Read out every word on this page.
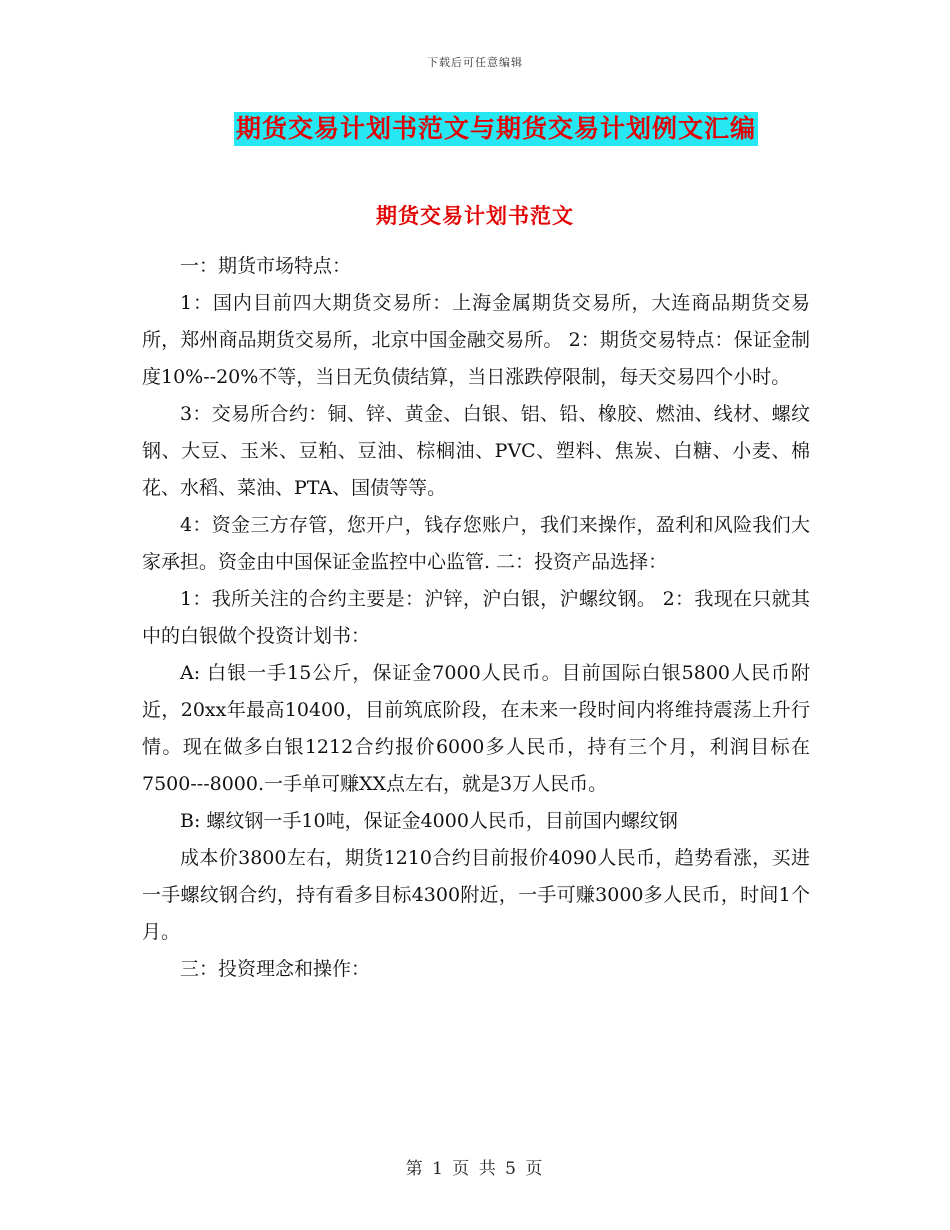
下载后可任意编辑
期货交易计划书范文与期货交易计划例文汇编
期货交易计划书范文

一：期货市场特点：

1：国内目前四大期货交易所：上海金属期货交易所，大连商品期货交易所，郑州商品期货交易所，北京中国金融交易所。 2：期货交易特点：保证金制度10%--20%不等，当日无负债结算，当日涨跌停限制，每天交易四个小时。

3：交易所合约：铜、锌、黄金、白银、铝、铅、橡胶、燃油、线材、螺纹钢、大豆、玉米、豆粕、豆油、棕榈油、PVC、塑料、焦炭、白糖、小麦、棉花、水稻、菜油、PTA、国债等等。

4：资金三方存管，您开户，钱存您账户，我们来操作，盈利和风险我们大家承担。资金由中国保证金监控中心监管. 二：投资产品选择：

1：我所关注的合约主要是：沪锌，沪白银，沪螺纹钢。 2：我现在只就其中的白银做个投资计划书：

A: 白银一手15公斤，保证金7000人民币。目前国际白银5800人民币附近，20xx年最高10400，目前筑底阶段，在未来一段时间内将维持震荡上升行情。现在做多白银1212合约报价6000多人民币，持有三个月，利润目标在7500---8000.一手单可赚XX点左右，就是3万人民币。

B: 螺纹钢一手10吨，保证金4000人民币，目前国内螺纹钢

成本价3800左右，期货1210合约目前报价4090人民币，趋势看涨，买进一手螺纹钢合约，持有看多目标4300附近，一手可赚3000多人民币，时间1个月。

三：投资理念和操作：

第 1 页 共 5 页
